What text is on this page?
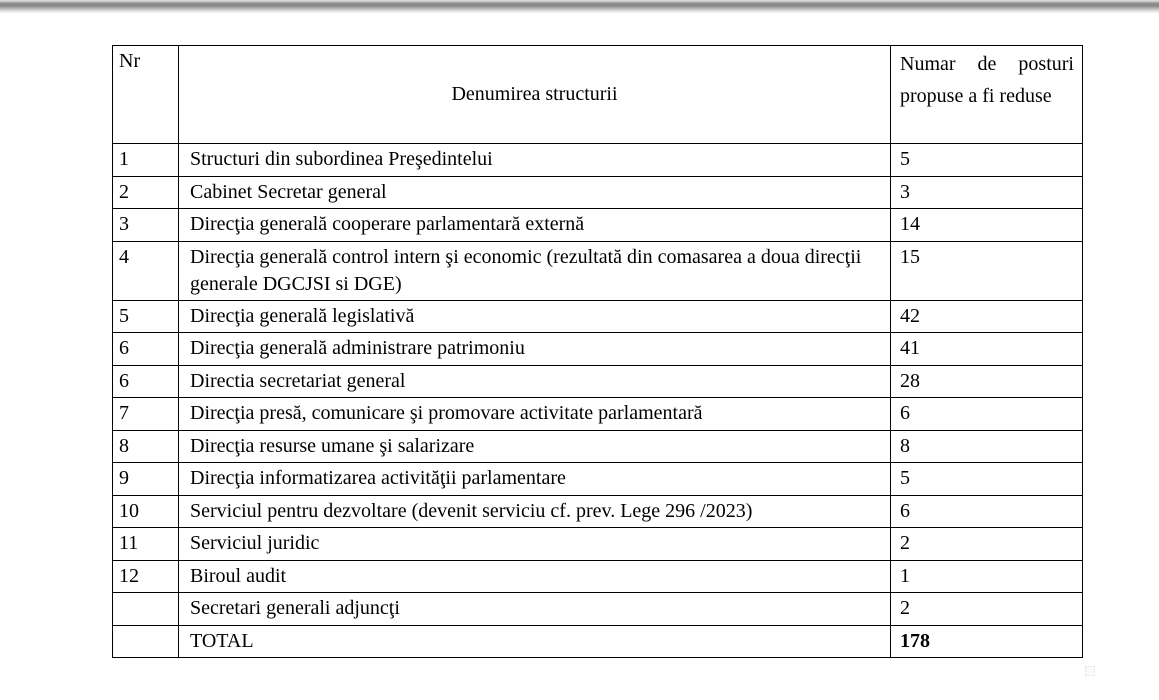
Nr	Denumirea structurii	Numar de posturi propuse a fi reduse
1	Structuri din subordinea Preşedintelui	5
2	Cabinet Secretar general	3
3	Direcţia generală cooperare parlamentară externă	14
4	Direcţia generală control intern şi economic (rezultată din comasarea a doua direcţii generale DGCJSI si DGE)	15
5	Direcţia generală legislativă	42
6	Direcţia generală administrare patrimoniu	41
6	Directia secretariat general	28
7	Direcţia presă, comunicare şi promovare activitate parlamentară	6
8	Direcţia resurse umane şi salarizare	8
9	Direcţia informatizarea activităţii parlamentare	5
10	Serviciul pentru dezvoltare (devenit serviciu cf. prev. Lege 296 /2023)	6
11	Serviciul juridic	2
12	Biroul audit	1
	Secretari generali adjuncţi	2
	TOTAL	178
